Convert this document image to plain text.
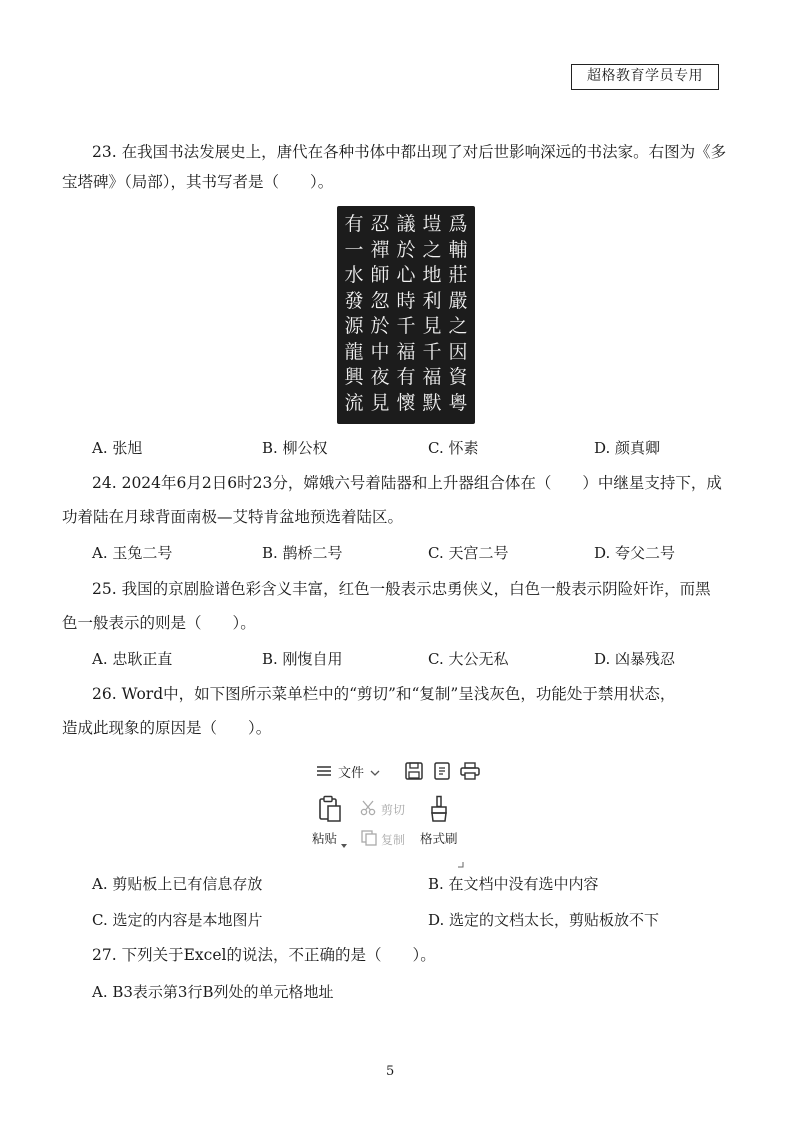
超格教育学员专用
23. 在我国书法发展史上，唐代在各种书体中都出现了对后世影响深远的书法家。右图为《多
宝塔碑》（局部），其书写者是（　　）。
爲
輔
莊
嚴
之
因
資
粵
塏
之
地
利
見
千
福
默
議
於
心
時
千
福
有
懷
忍
禪
師
忽
於
中
夜
見
有
一
水
發
源
龍
興
流
A. 张旭	B. 柳公权	C. 怀素	D. 颜真卿
24. 2024年6月2日6时23分，嫦娥六号着陆器和上升器组合体在（　　）中继星支持下，成
功着陆在月球背面南极—艾特肯盆地预选着陆区。
A. 玉兔二号	B. 鹊桥二号	C. 天宫二号	D. 夸父二号
25. 我国的京剧脸谱色彩含义丰富，红色一般表示忠勇侠义，白色一般表示阴险奸诈，而黑
色一般表示的则是（　　）。
A. 忠耿正直	B. 刚愎自用	C. 大公无私	D. 凶暴残忍
26. Word中，如下图所示菜单栏中的“剪切”和“复制”呈浅灰色，功能处于禁用状态，
造成此现象的原因是（　　）。
文件
粘贴
剪切
复制 格式刷
A. 剪贴板上已有信息存放	B. 在文档中没有选中内容
C. 选定的内容是本地图片	D. 选定的文档太长，剪贴板放不下
27. 下列关于Excel的说法，不正确的是（　　）。
A. B3表示第3行B列处的单元格地址
5
